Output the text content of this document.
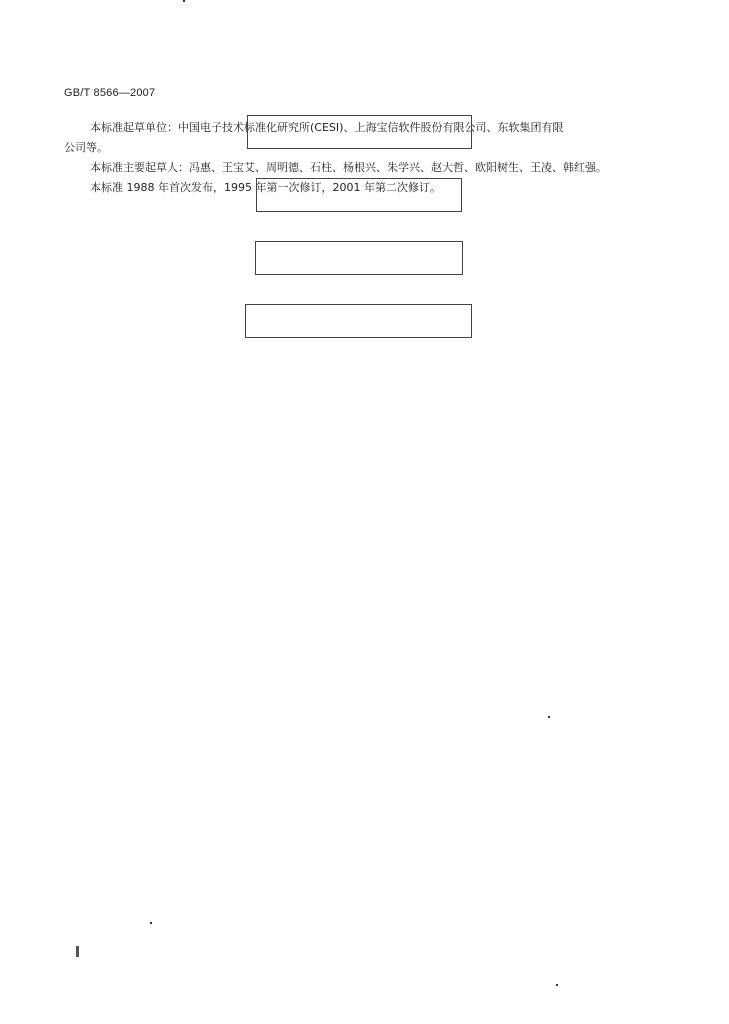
GB/T 8566—2007
本标准起草单位：中国电子技术标准化研究所(CESI)、上海宝信软件股份有限公司、东软集团有限
公司等。
本标准主要起草人：冯惠、王宝艾、周明德、石柱、杨根兴、朱学兴、赵大哲、欧阳树生、王凌、韩红强。
本标准 1988 年首次发布，1995 年第一次修订，2001 年第二次修订。
